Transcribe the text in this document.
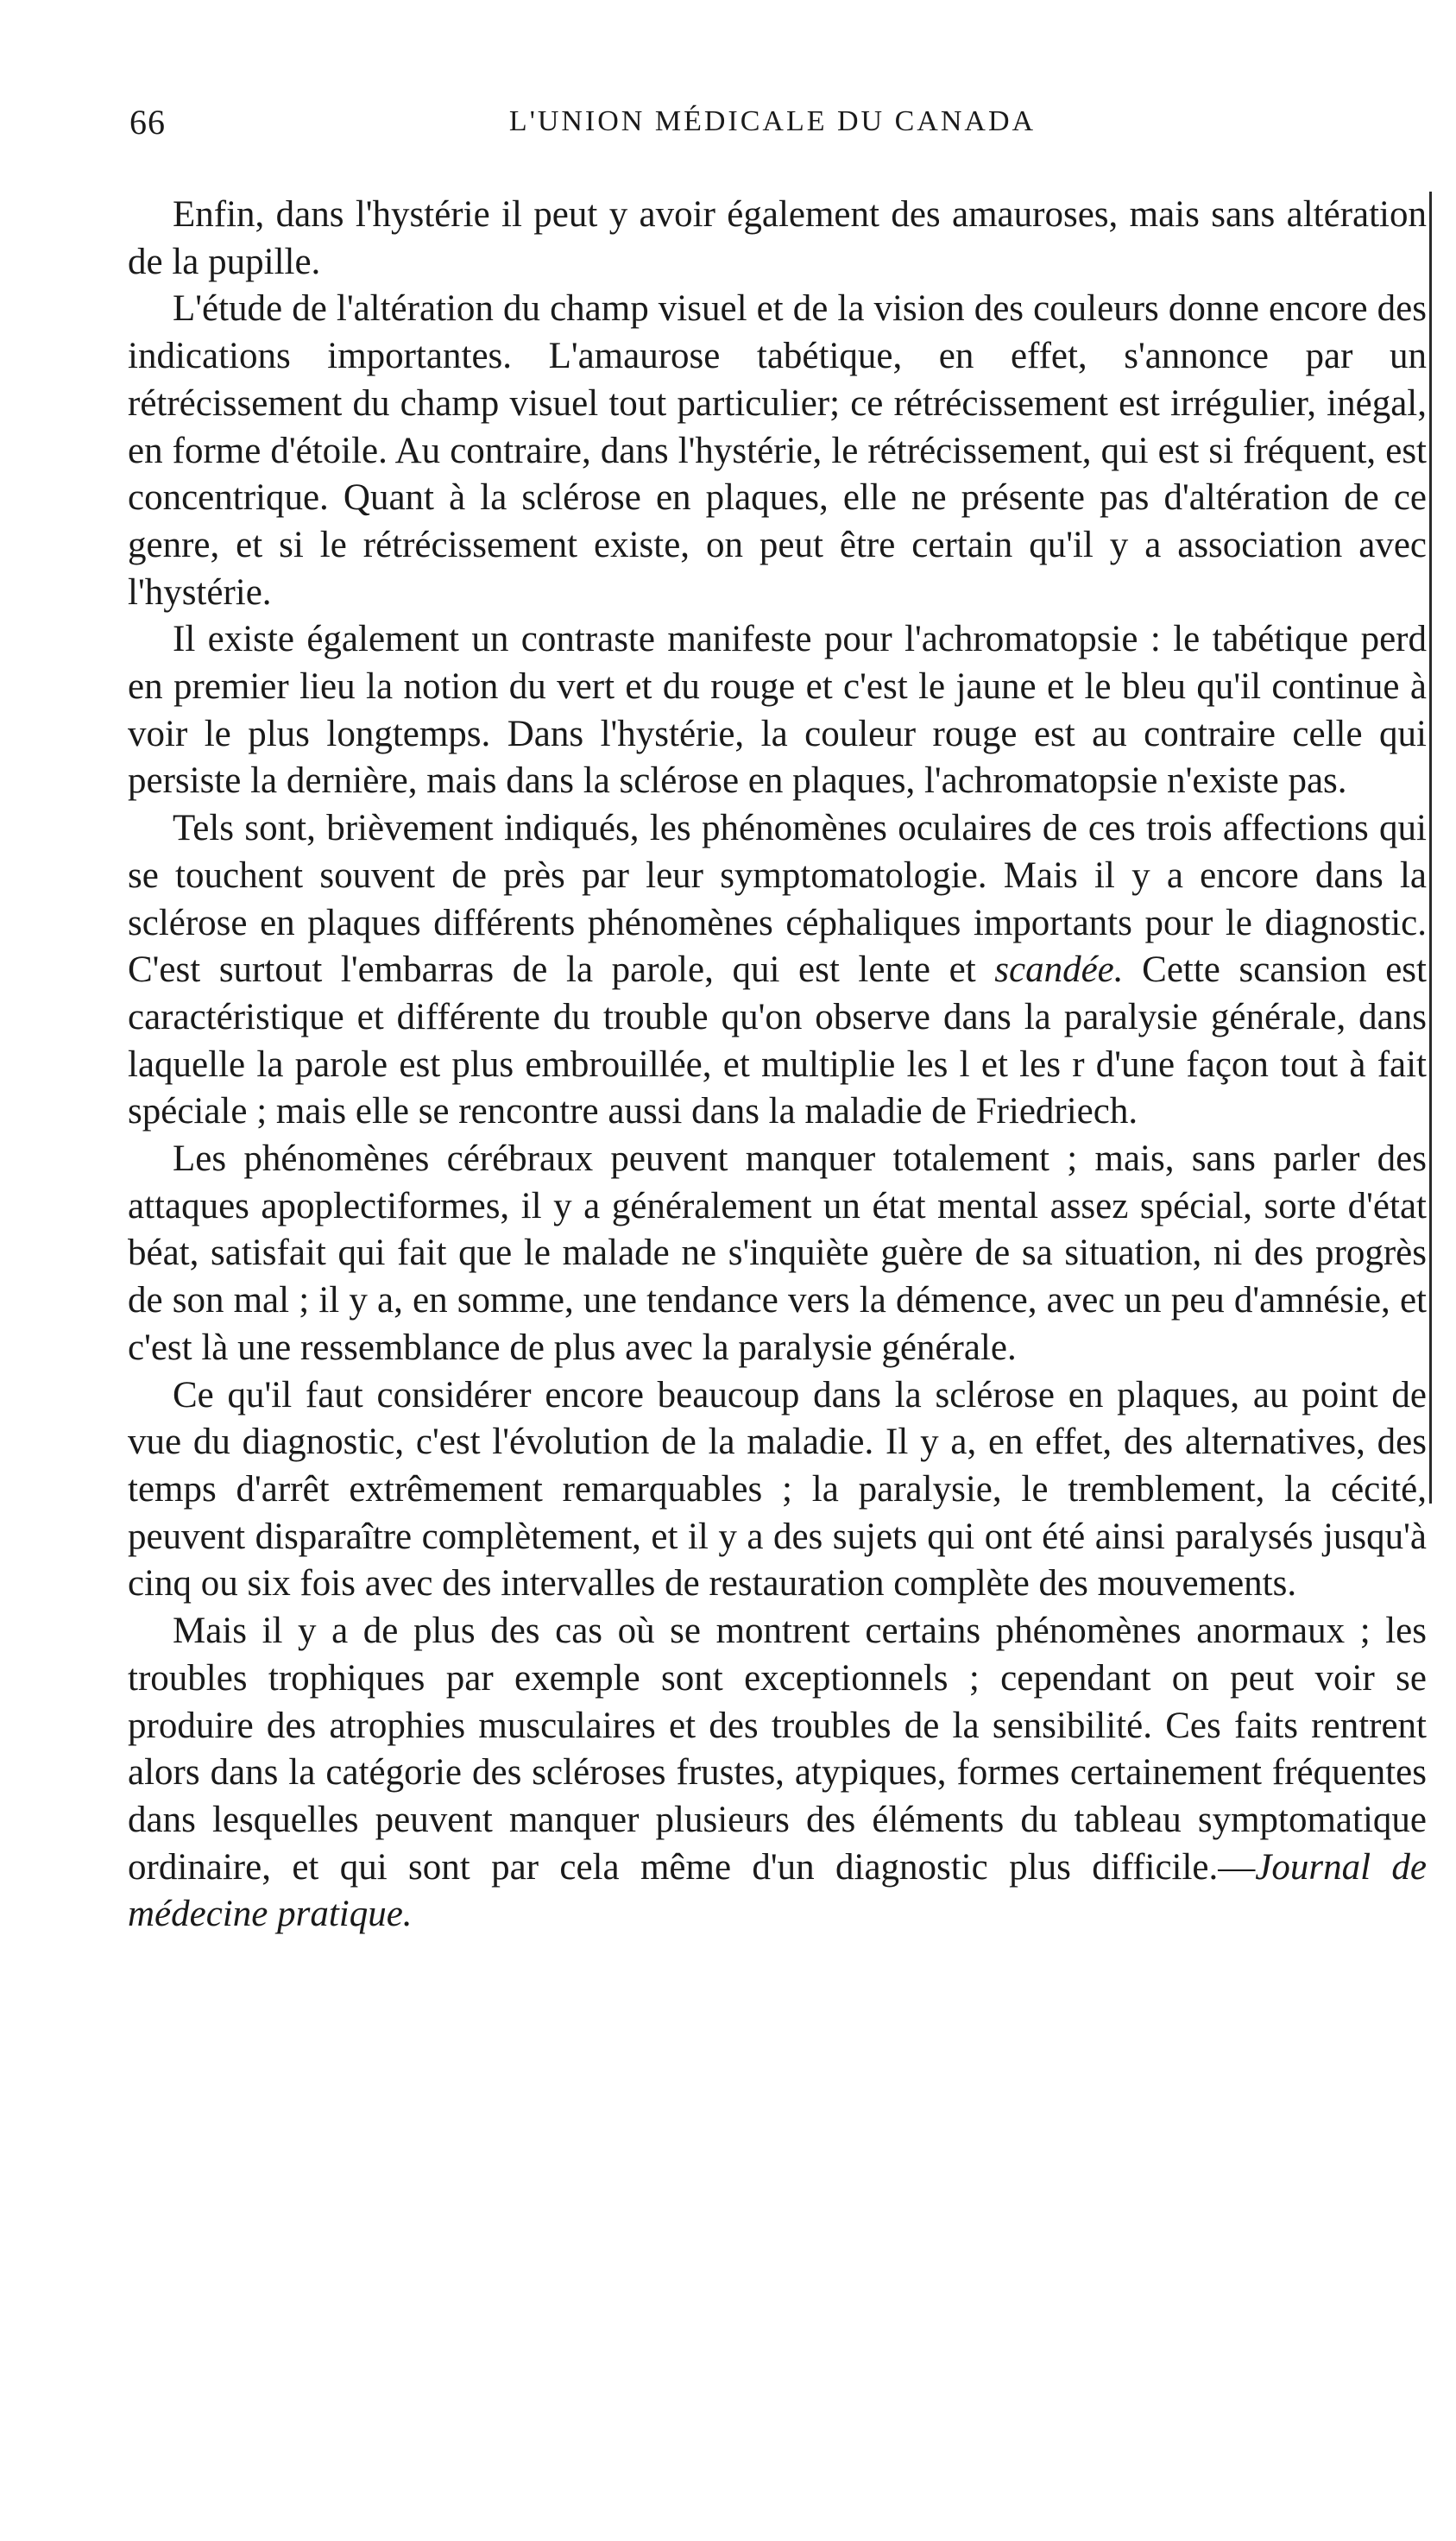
66	L'UNION MÉDICALE DU CANADA

Enfin, dans l'hystérie il peut y avoir également des amauroses, mais sans altération de la pupille.

L'étude de l'altération du champ visuel et de la vision des couleurs donne encore des indications importantes. L'amaurose tabétique, en effet, s'annonce par un rétrécissement du champ visuel tout particulier; ce rétrécissement est irrégulier, inégal, en forme d'étoile. Au contraire, dans l'hystérie, le rétrécissement, qui est si fréquent, est concentrique. Quant à la sclérose en plaques, elle ne présente pas d'altération de ce genre, et si le rétrécissement existe, on peut être certain qu'il y a association avec l'hystérie.

Il existe également un contraste manifeste pour l'achromatopsie : le tabétique perd en premier lieu la notion du vert et du rouge et c'est le jaune et le bleu qu'il continue à voir le plus longtemps. Dans l'hystérie, la couleur rouge est au contraire celle qui persiste la dernière, mais dans la sclérose en plaques, l'achromatopsie n'existe pas.

Tels sont, brièvement indiqués, les phénomènes oculaires de ces trois affections qui se touchent souvent de près par leur symptomatologie. Mais il y a encore dans la sclérose en plaques différents phénomènes céphaliques importants pour le diagnostic. C'est surtout l'embarras de la parole, qui est lente et scandée. Cette scansion est caractéristique et différente du trouble qu'on observe dans la paralysie générale, dans laquelle la parole est plus embrouillée, et multiplie les l et les r d'une façon tout à fait spéciale ; mais elle se rencontre aussi dans la maladie de Friedriech.

Les phénomènes cérébraux peuvent manquer totalement ; mais, sans parler des attaques apoplectiformes, il y a généralement un état mental assez spécial, sorte d'état béat, satisfait qui fait que le malade ne s'inquiète guère de sa situation, ni des progrès de son mal ; il y a, en somme, une tendance vers la démence, avec un peu d'amnésie, et c'est là une ressemblance de plus avec la paralysie générale.

Ce qu'il faut considérer encore beaucoup dans la sclérose en plaques, au point de vue du diagnostic, c'est l'évolution de la maladie. Il y a, en effet, des alternatives, des temps d'arrêt extrêmement remarquables ; la paralysie, le tremblement, la cécité, peuvent disparaître complètement, et il y a des sujets qui ont été ainsi paralysés jusqu'à cinq ou six fois avec des intervalles de restauration complète des mouvements.

Mais il y a de plus des cas où se montrent certains phénomènes anormaux ; les troubles trophiques par exemple sont exceptionnels ; cependant on peut voir se produire des atrophies musculaires et des troubles de la sensibilité. Ces faits rentrent alors dans la catégorie des scléroses frustes, atypiques, formes certainement fréquentes dans lesquelles peuvent manquer plusieurs des éléments du tableau symptomatique ordinaire, et qui sont par cela même d'un diagnostic plus difficile.—Journal de médecine pratique.
